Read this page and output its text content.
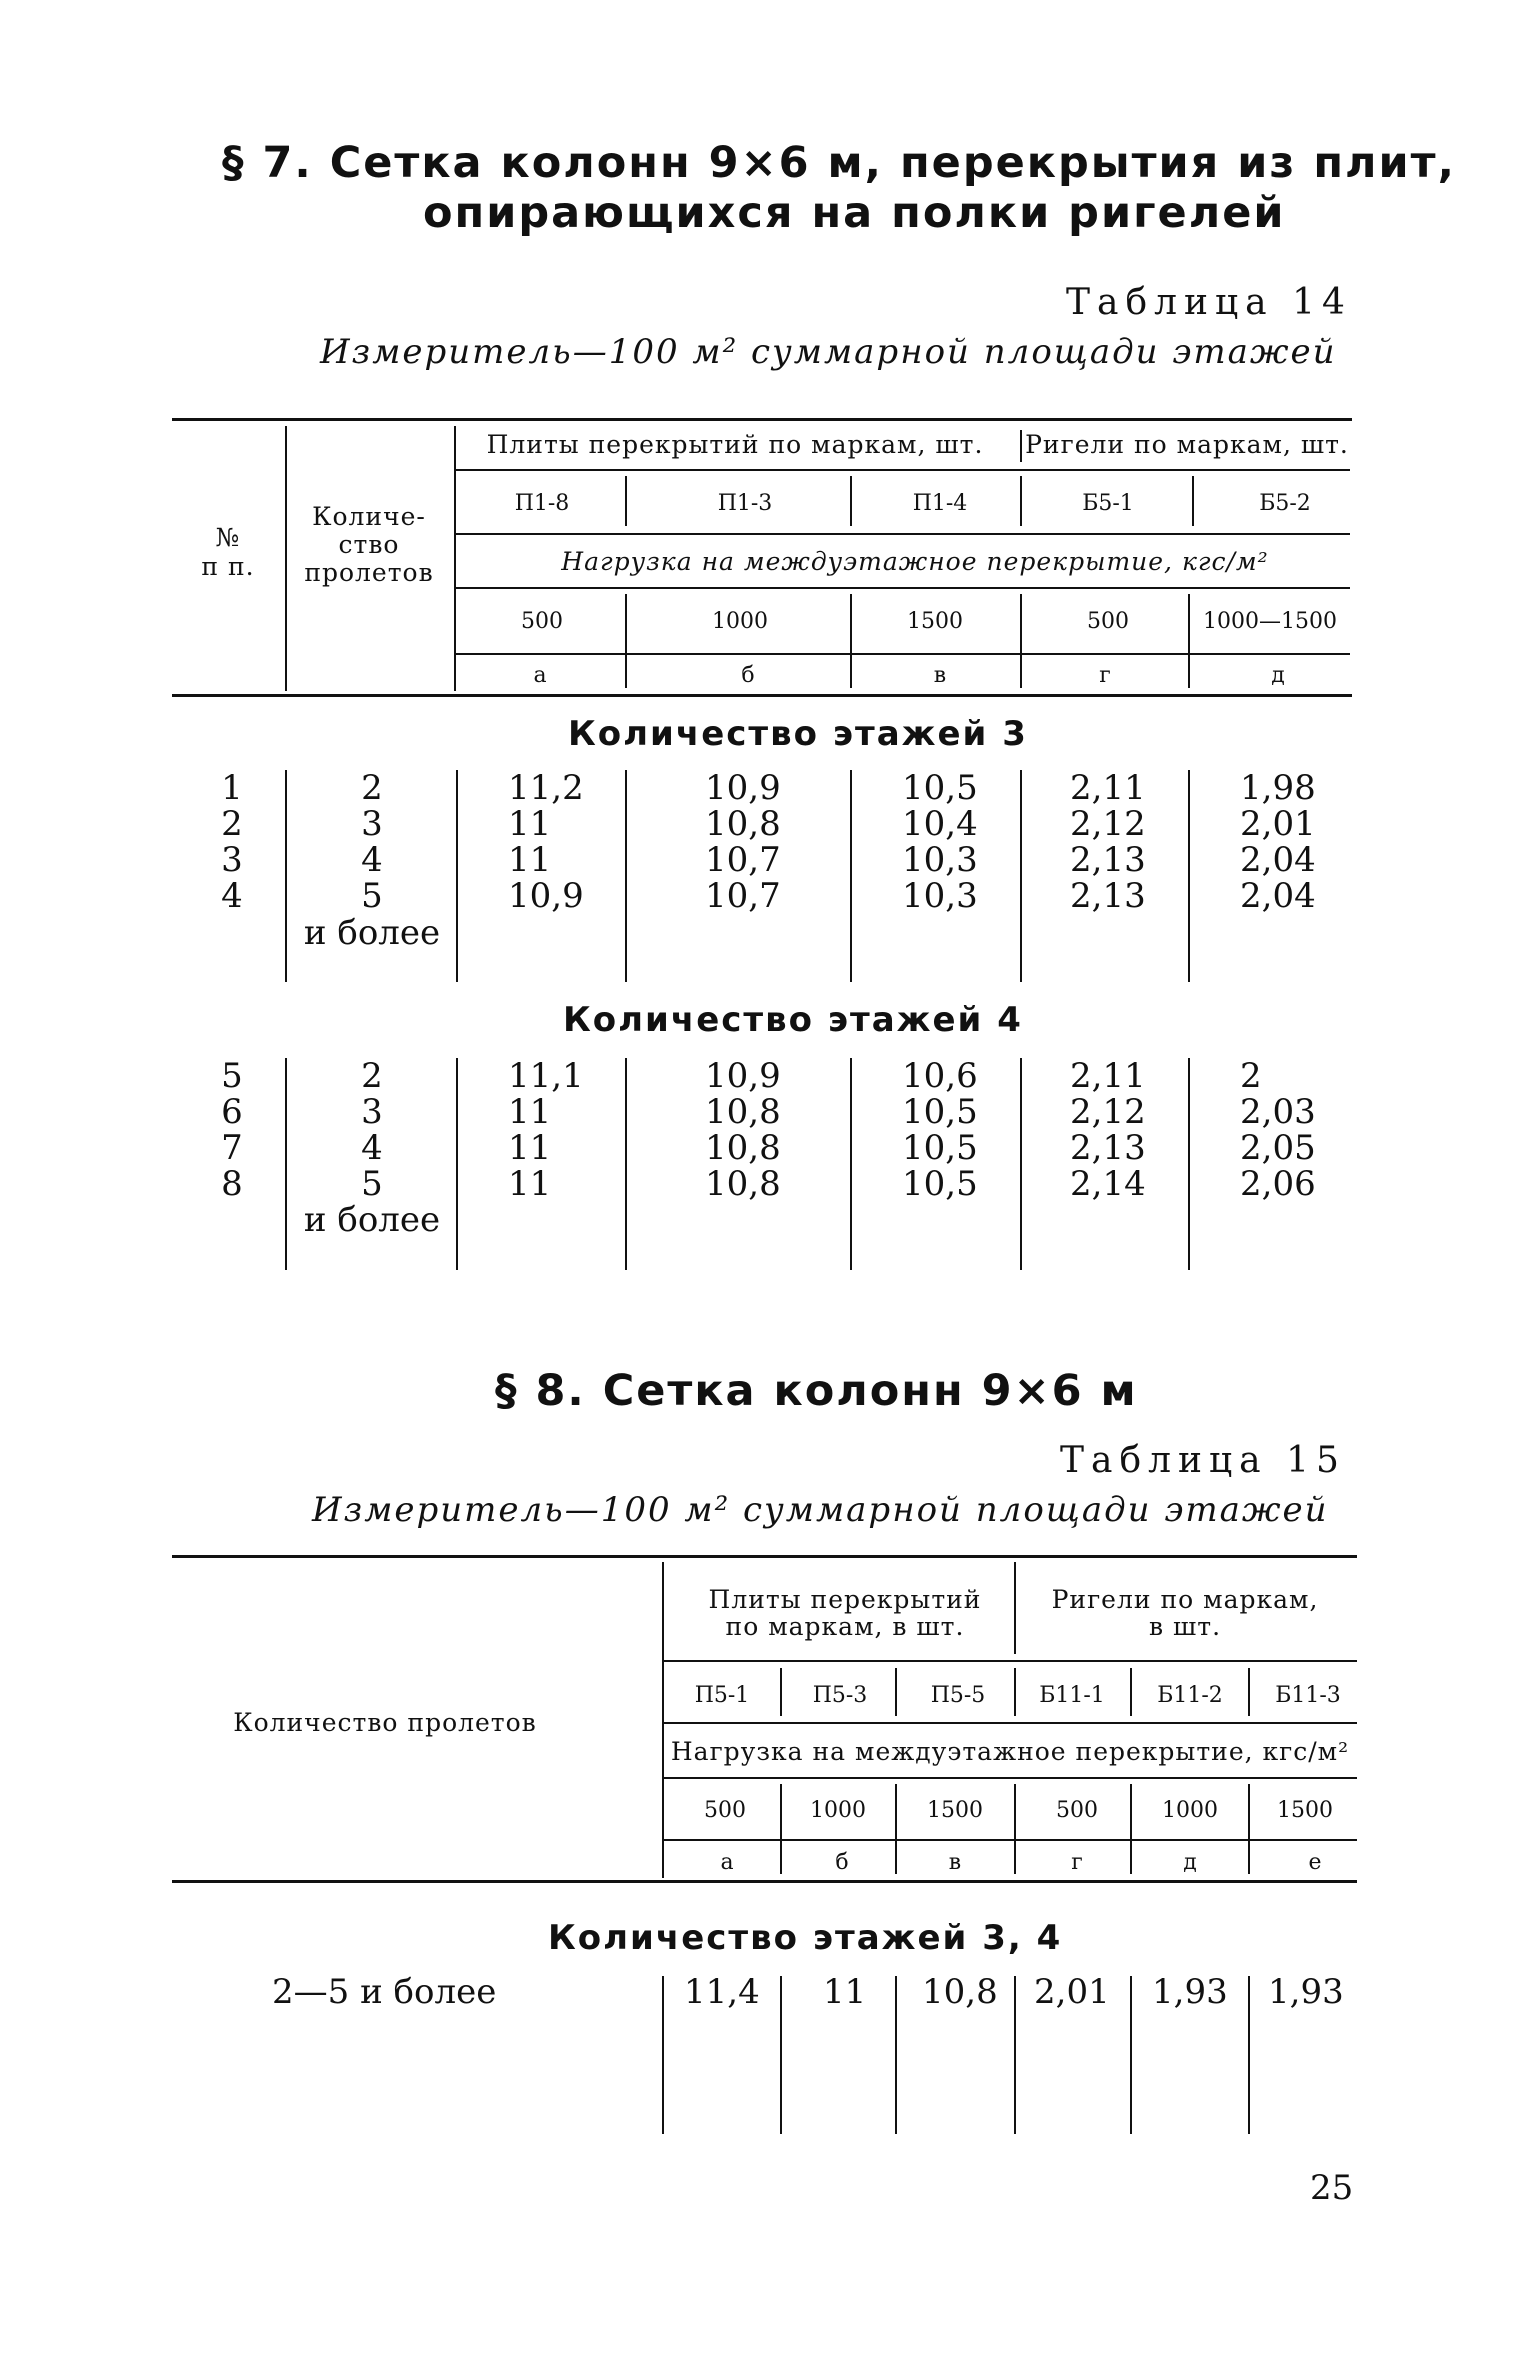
§ 7. Сетка колонн 9×6 м, перекрытия из плит,
опирающихся на полки ригелей
Таблица 14
Измеритель—100 м² суммарной площади этажей
№
п п.
Количе-
ство
пролетов
Плиты перекрытий по маркам, шт. Ригели по маркам, шт.
П1-8	П1-3	П1-4	Б5-1	Б5-2
Нагрузка на междуэтажное перекрытие, кгс/м²
500	1000	1500	500	1000—1500
а	б	в	г	д
Количество этажей 3
1	2	11,2	10,9	10,5	2,11	1,98
2	3	11	10,8	10,4	2,12	2,01
3	4	11	10,7	10,3	2,13	2,04
4	5	10,9	10,7	10,3	2,13	2,04
и более
Количество этажей 4
5	2	11,1	10,9	10,6	2,11	2
6	3	11	10,8	10,5	2,12	2,03
7	4	11	10,8	10,5	2,13	2,05
8	5	11	10,8	10,5	2,14	2,06
и более
§ 8. Сетка колонн 9×6 м
Таблица 15
Измеритель—100 м² суммарной площади этажей
Количество пролетов
Плиты перекрытий
по маркам, в шт.
Ригели по маркам,
в шт.
П5-1	П5-3	П5-5 Б11-1 Б11-2 Б11-3
Нагрузка на междуэтажное перекрытие, кгс/м²
500	1000	1500	500	1000	1500
а	б	в	г	д	е
Количество этажей 3, 4
2—5 и более	11,4 11 10,8 2,01 1,93 1,93
25
